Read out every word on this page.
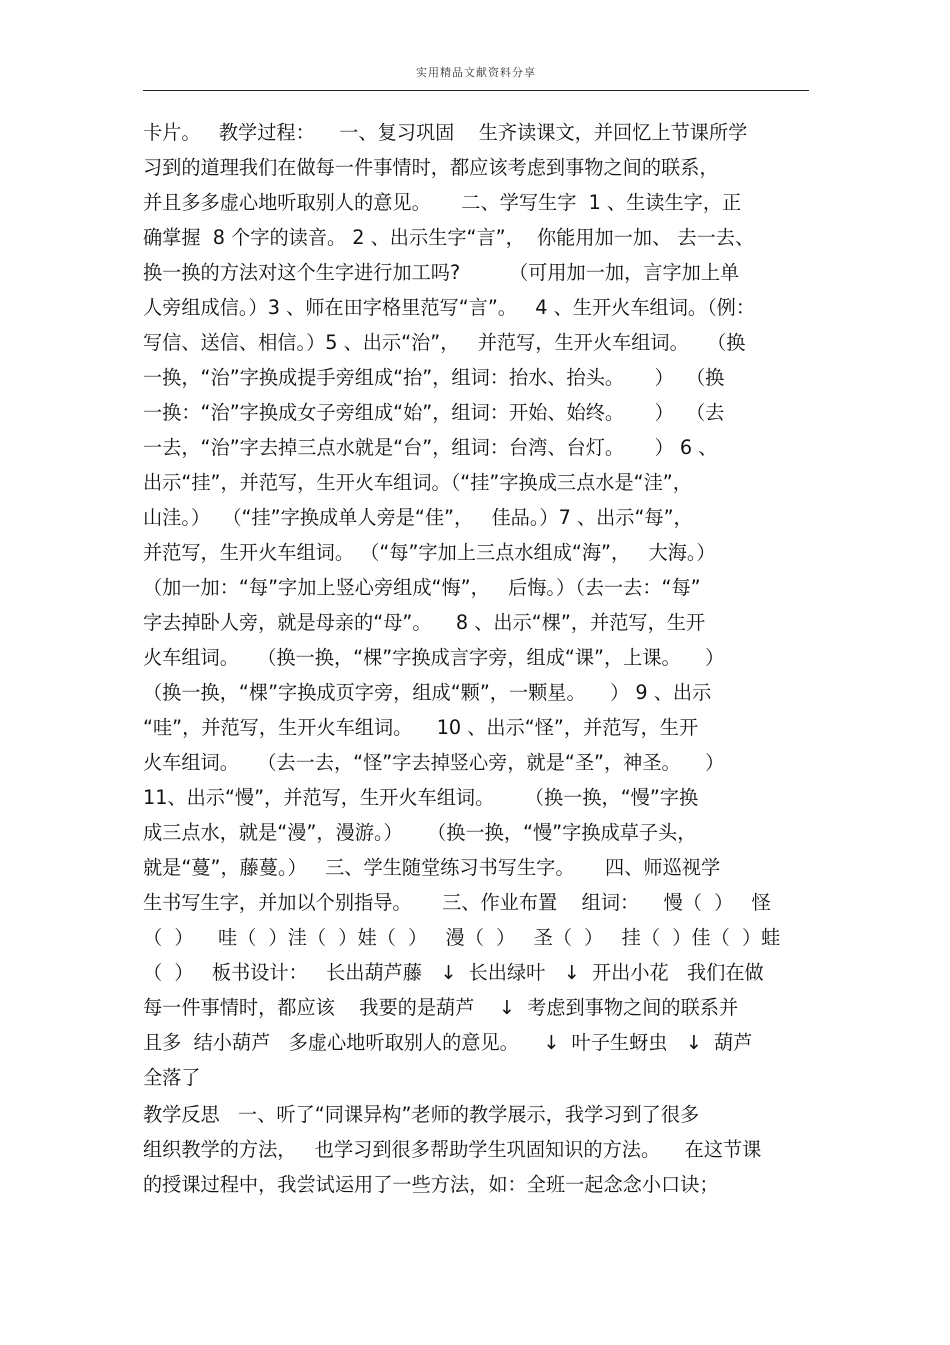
实用精品文献资料分享
卡片。   教学过程：    一、复习巩固    生齐读课文，并回忆上节课所学
习到的道理我们在做每一件事情时，都应该考虑到事物之间的联系，
并且多多虚心地听取别人的意见。     二、学写生字  1 、生读生字，正
确掌握  8 个字的读音。 2 、出示生字“言”，  你能用加一加、 去一去、
换一换的方法对这个生字进行加工吗?        （可用加一加，言字加上单
人旁组成信。）3 、师在田字格里范写“言”。   4 、生开火车组词。（例：
写信、送信、相信。）5 、出示“治”，   并范写，生开火车组词。   （换
一换，“治”字换成提手旁组成“抬”，组词：抬水、抬头。     ）  （换
一换：“治”字换成女子旁组成“始”，组词：开始、始终。     ）  （去
一去，“治”字去掉三点水就是“台”，组词：台湾、台灯。     ） 6 、
出示“挂”，并范写，生开火车组词。（“挂”字换成三点水是“洼”，
山洼。）  （“挂”字换成单人旁是“佳”，   佳品。）7 、出示“每”，
并范写，生开火车组词。 （“每”字加上三点水组成“海”，   大海。）
（加一加：“每”字加上竖心旁组成“悔”，   后悔。）（去一去：“每”
字去掉卧人旁，就是母亲的“母”。    8 、出示“棵”，并范写，生开
火车组词。   （换一换，“棵”字换成言字旁，组成“课”，上课。    ）
（换一换，“棵”字换成页字旁，组成“颗”，一颗星。    ） 9 、出示
“哇”，并范写，生开火车组词。    10 、出示“怪”，并范写，生开
火车组词。   （去一去，“怪”字去掉竖心旁，就是“圣”，神圣。    ）
11、出示“慢”，并范写，生开火车组词。     （换一换，“慢”字换
成三点水，就是“漫”，漫游。）    （换一换，“慢”字换成草子头，
就是“蔓”，藤蔓。）   三、学生随堂练习书写生字。     四、师巡视学
生书写生字，并加以个别指导。     三、作业布置    组词：    慢（  ）   怪
（  ）    哇（  ）洼（  ）娃（  ）   漫（  ）   圣（  ）   挂（  ）佳（  ）蛙
（  ）   板书设计：   长出葫芦藤   ↓  长出绿叶   ↓  开出小花   我们在做
每一件事情时，都应该    我要的是葫芦    ↓  考虑到事物之间的联系并
且多  结小葫芦   多虚心地听取别人的意见。    ↓  叶子生蚜虫   ↓  葫芦
全落了
教学反思   一、听了“同课异构”老师的教学展示，我学习到了很多
组织教学的方法，   也学习到很多帮助学生巩固知识的方法。    在这节课
的授课过程中，我尝试运用了一些方法，如：全班一起念念小口诀；
